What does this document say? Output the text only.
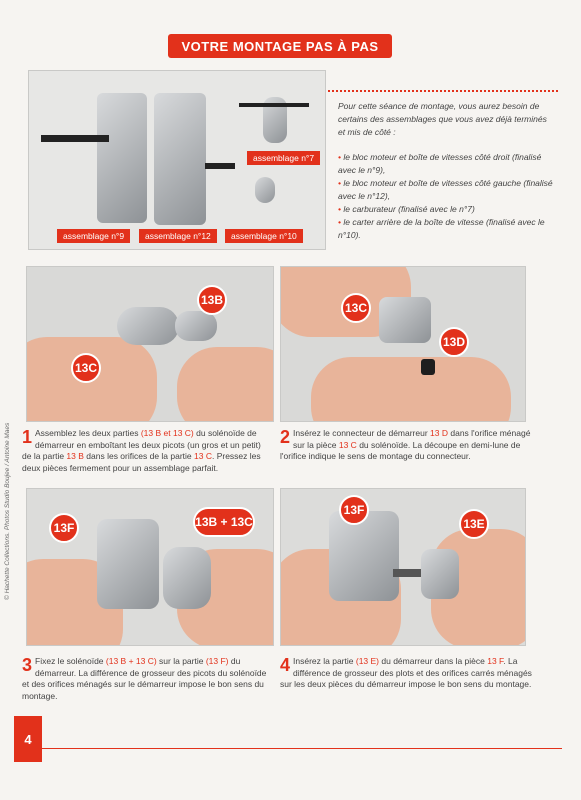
VOTRE MONTAGE PAS À PAS
assemblage n°9	assemblage n°12
assemblage n°7
assemblage n°10

Pour cette séance de montage, vous aurez besoin de certains des assemblages que vous avez déjà terminés et mis de côté :

• le bloc moteur et boîte de vitesses côté droit (finalisé avec le n°9),
• le bloc moteur et boîte de vitesses côté gauche (finalisé avec le n°12),
• le carburateur (finalisé avec le n°7)
• le carter arrière de la boîte de vitesse (finalisé avec le n°10).
13B
13C
13C
13D
1 Assemblez les deux parties (13 B et 13 C) du solénoïde de démarreur en emboîtant les deux picots (un gros et un petit) de la partie 13 B dans les orifices de la partie 13 C. Pressez les deux pièces fermement pour un assemblage parfait.
2 Insérez le connecteur de démarreur 13 D dans l'orifice ménagé sur la pièce 13 C du solénoïde. La découpe en demi-lune de l'orifice indique le sens de montage du connecteur.
13F	13B + 13C
13F
13E
3 Fixez le solénoïde (13 B + 13 C) sur la partie (13 F) du démarreur. La différence de grosseur des picots du solénoïde et des orifices ménagés sur le démarreur impose le bon sens du montage.
4 Insérez la partie (13 E) du démarreur dans la pièce 13 F. La différence de grosseur des plots et des orifices carrés ménagés sur les deux pièces du démarreur impose le bon sens du montage.
© Hachette Collections. Photos Studio Boujee / Antoine Maes
4
